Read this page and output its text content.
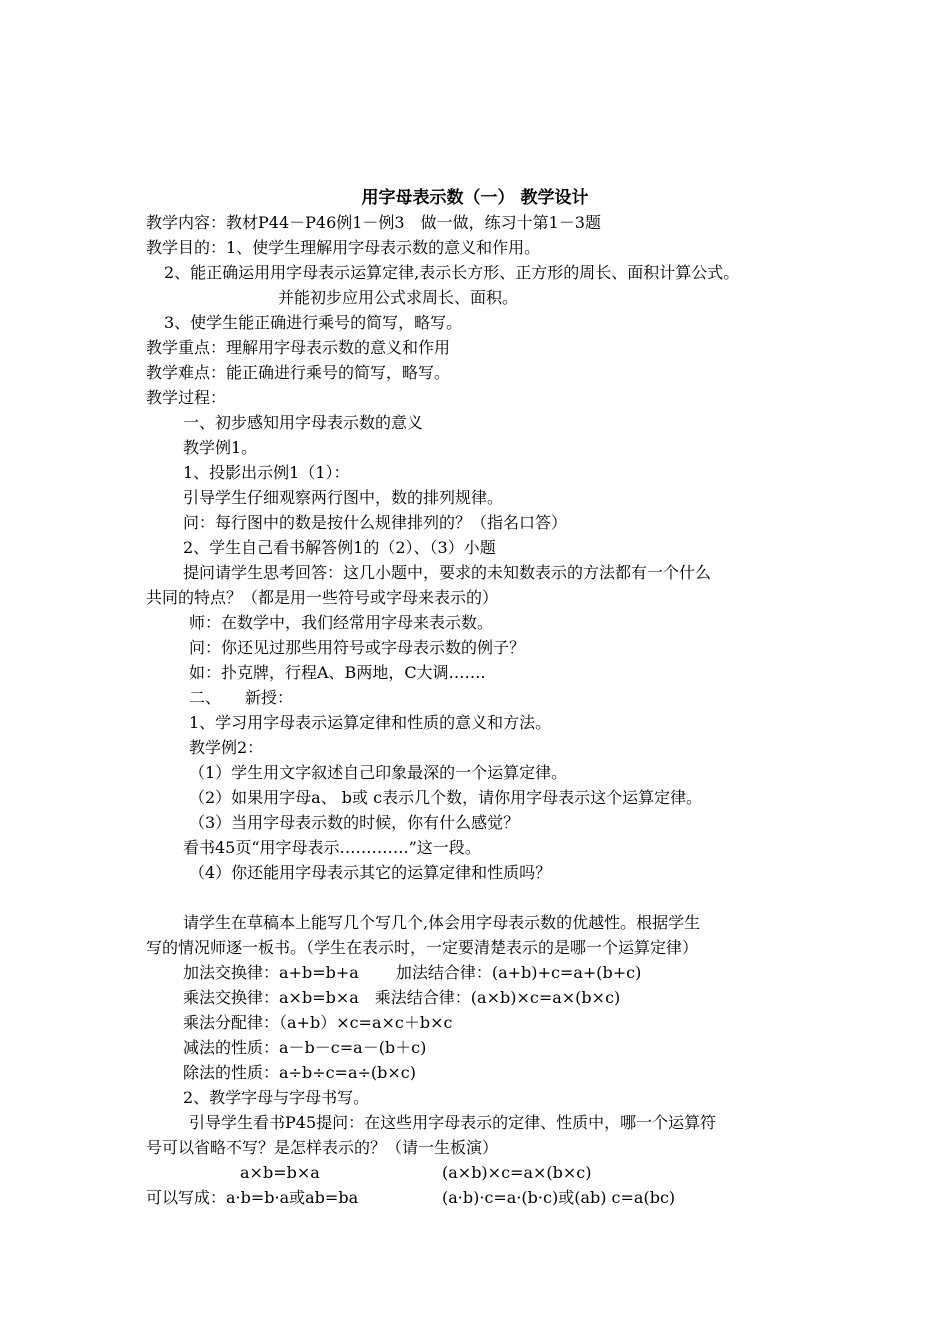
用字母表示数（一） 教学设计
教学内容：教材P44－P46例1－例3　做一做，练习十第1－3题
教学目的：1、使学生理解用字母表示数的意义和作用。
2、能正确运用用字母表示运算定律,表示长方形、正方形的周长、面积计算公式。
并能初步应用公式求周长、面积。
3、使学生能正确进行乘号的简写，略写。
教学重点：理解用字母表示数的意义和作用
教学难点：能正确进行乘号的简写，略写。
教学过程：
一、初步感知用字母表示数的意义
教学例1。
1、投影出示例1（1）：
引导学生仔细观察两行图中，数的排列规律。
问：每行图中的数是按什么规律排列的？（指名口答）
2、学生自己看书解答例1的（2）、（3）小题
提问请学生思考回答：这几小题中，要求的未知数表示的方法都有一个什么
共同的特点？（都是用一些符号或字母来表示的）
师：在数学中，我们经常用字母来表示数。
问：你还见过那些用符号或字母表示数的例子？
如：扑克牌，行程A、B两地，C大调…….
二、　　新授：
1、学习用字母表示运算定律和性质的意义和方法。
教学例2：
（1）学生用文字叙述自己印象最深的一个运算定律。
（2）如果用字母a、 b或 c表示几个数，请你用字母表示这个运算定律。
（3）当用字母表示数的时候，你有什么感觉？
看书45页“用字母表示………….”这一段。
（4）你还能用字母表示其它的运算定律和性质吗？
请学生在草稿本上能写几个写几个,体会用字母表示数的优越性。根据学生
写的情况师逐一板书。（学生在表示时，一定要清楚表示的是哪一个运算定律）
加法交换律：a+b=b+a　　 加法结合律：(a+b)+c=a+(b+c)
乘法交换律：a×b=b×a　乘法结合律：(a×b)×c=a×(b×c)
乘法分配律：（a+b）×c=a×c＋b×c
减法的性质：a－b－c=a－(b＋c)
除法的性质：a÷b÷c=a÷(b×c)
2、教学字母与字母书写。
引导学生看书P45提问：在这些用字母表示的定律、性质中，哪一个运算符
号可以省略不写？是怎样表示的？（请一生板演）
a×b=b×a	(a×b)×c=a×(b×c)
可以写成：a·b=b·a或ab=ba	(a·b)·c=a·(b·c)或(ab) c=a(bc)
